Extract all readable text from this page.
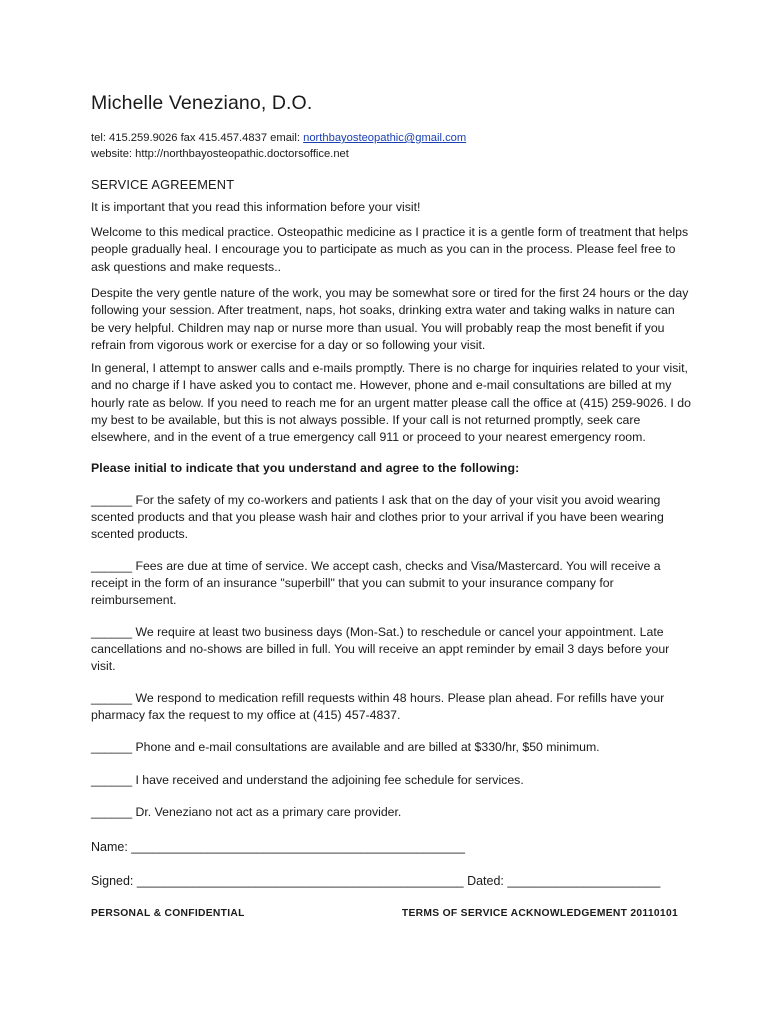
Michelle Veneziano, D.O.
tel: 415.259.9026 fax 415.457.4837 email: northbayosteopathic@gmail.com
website: http://northbayosteopathic.doctorsoffice.net
SERVICE AGREEMENT

It is important that you read this information before your visit!

Welcome to this medical practice. Osteopathic medicine as I practice it is a gentle form of treatment that helps people gradually heal. I encourage you to participate as much as you can in the process. Please feel free to ask questions and make requests..

Despite the very gentle nature of the work, you may be somewhat sore or tired for the first 24 hours or the day following your session. After treatment, naps, hot soaks, drinking extra water and taking walks in nature can be very helpful. Children may nap or nurse more than usual. You will probably reap the most benefit if you refrain from vigorous work or exercise for a day or so following your visit.

In general, I attempt to answer calls and e-mails promptly. There is no charge for inquiries related to your visit, and no charge if I have asked you to contact me. However, phone and e-mail consultations are billed at my hourly rate as below. If you need to reach me for an urgent matter please call the office at (415) 259-9026. I do my best to be available, but this is not always possible. If your call is not returned promptly, seek care elsewhere, and in the event of a true emergency call 911 or proceed to your nearest emergency room.

Please initial to indicate that you understand and agree to the following:
______ For the safety of my co-workers and patients I ask that on the day of your visit you avoid wearing scented products and that you please wash hair and clothes prior to your arrival if you have been wearing scented products.
______ Fees are due at time of service. We accept cash, checks and Visa/Mastercard. You will receive a receipt in the form of an insurance "superbill" that you can submit to your insurance company for reimbursement.
______ We require at least two business days (Mon-Sat.) to reschedule or cancel your appointment. Late cancellations and no-shows are billed in full. You will receive an appt reminder by email 3 days before your visit.
______ We respond to medication refill requests within 48 hours. Please plan ahead. For refills have your pharmacy fax the request to my office at (415) 457-4837.
______ Phone and e-mail consultations are available and are billed at $330/hr, $50 minimum.
______ I have received and understand the adjoining fee schedule for services.
______ Dr. Veneziano not act as a primary care provider.
Name: ________________________________________________
Signed: _______________________________________________ Dated: ______________________
PERSONAL & CONFIDENTIAL	TERMS OF SERVICE ACKNOWLEDGEMENT 20110101
